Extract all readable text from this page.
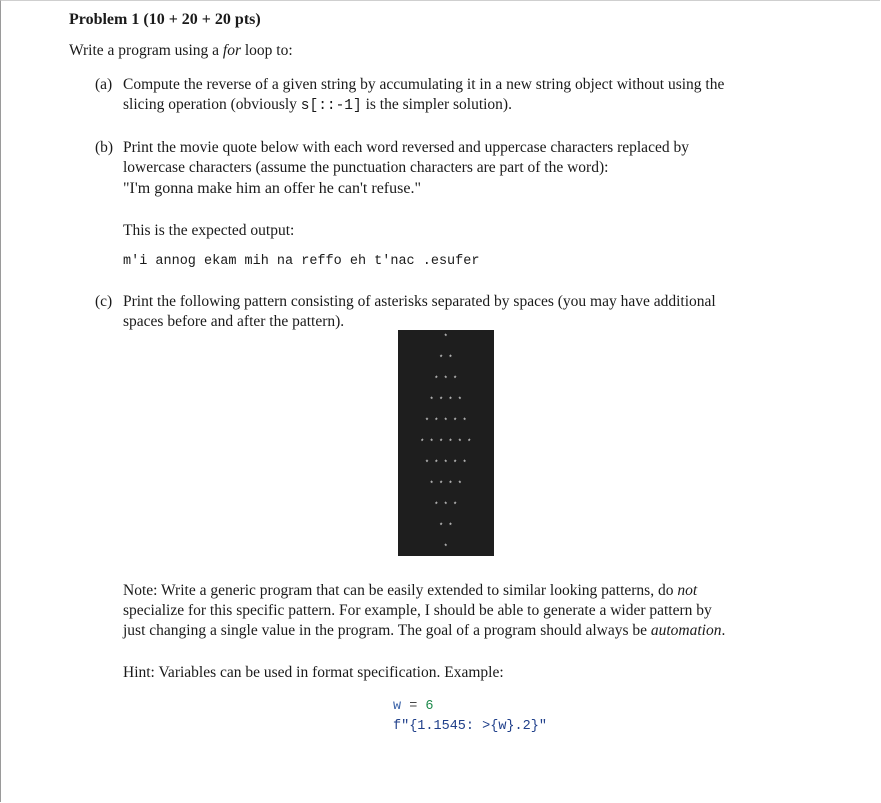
Problem 1 (10 + 20 + 20 pts)
Write a program using a for loop to:
(a) Compute the reverse of a given string by accumulating it in a new string object without using the
slicing operation (obviously s[::-1] is the simpler solution).
(b) Print the movie quote below with each word reversed and uppercase characters replaced by
lowercase characters (assume the punctuation characters are part of the word):
"I'm gonna make him an offer he can't refuse."
This is the expected output:
m'i annog ekam mih na reffo eh t'nac .esufer
(c) Print the following pattern consisting of asterisks separated by spaces (you may have additional
spaces before and after the pattern).
*
* *
* * *
* * * *
* * * * *
* * * * * *
* * * * *
* * * *
* * *
* *
*
Note: Write a generic program that can be easily extended to similar looking patterns, do not
specialize for this specific pattern. For example, I should be able to generate a wider pattern by
just changing a single value in the program. The goal of a program should always be automation.
Hint: Variables can be used in format specification. Example:
w = 6
f"{1.1545: >{w}.2}"
